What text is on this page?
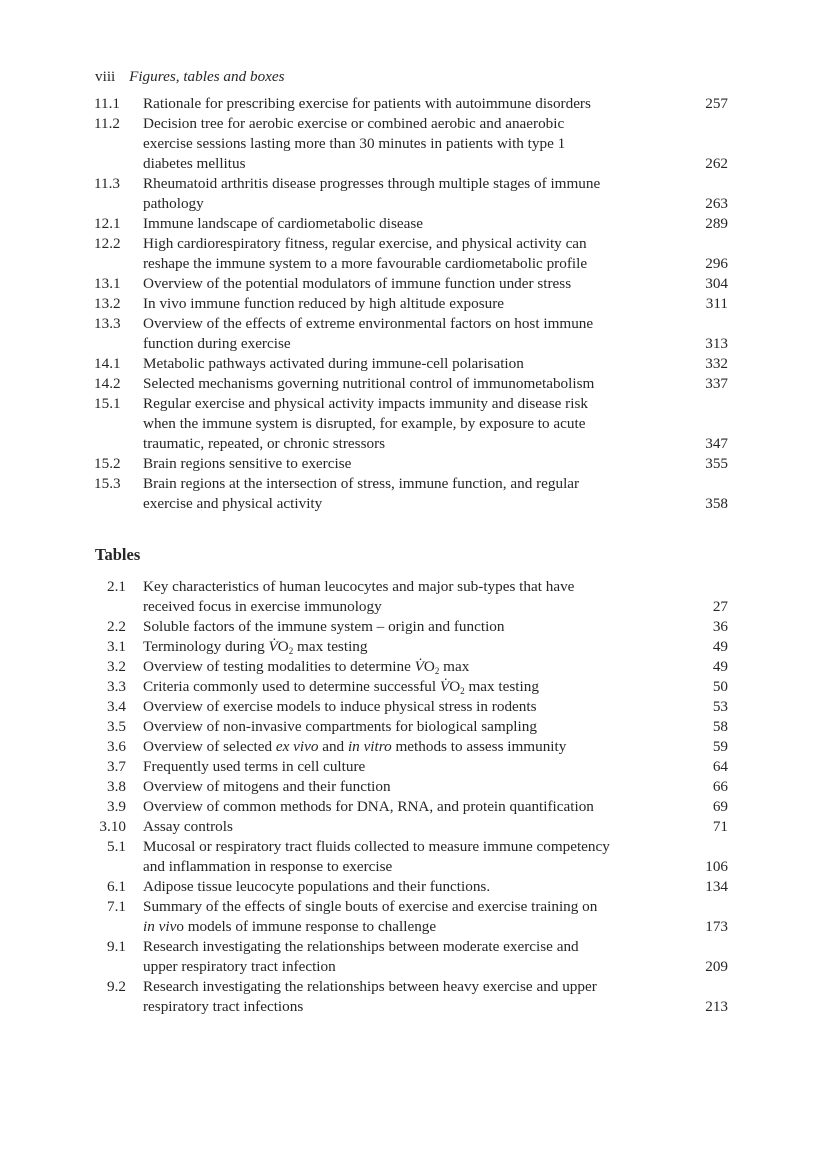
viii Figures, tables and boxes
11.1	Rationale for prescribing exercise for patients with autoimmune disorders	257
11.2	Decision tree for aerobic exercise or combined aerobic and anaerobic
exercise sessions lasting more than 30 minutes in patients with type 1
diabetes mellitus	262
11.3	Rheumatoid arthritis disease progresses through multiple stages of immune
pathology	263
12.1	Immune landscape of cardiometabolic disease	289
12.2	High cardiorespiratory fitness, regular exercise, and physical activity can
reshape the immune system to a more favourable cardiometabolic profile	296
13.1	Overview of the potential modulators of immune function under stress	304
13.2	In vivo immune function reduced by high altitude exposure	311
13.3	Overview of the effects of extreme environmental factors on host immune
function during exercise	313
14.1	Metabolic pathways activated during immune-cell polarisation	332
14.2	Selected mechanisms governing nutritional control of immunometabolism	337
15.1	Regular exercise and physical activity impacts immunity and disease risk
when the immune system is disrupted, for example, by exposure to acute
traumatic, repeated, or chronic stressors	347
15.2	Brain regions sensitive to exercise	355
15.3	Brain regions at the intersection of stress, immune function, and regular
exercise and physical activity	358
Tables
2.1 Key characteristics of human leucocytes and major sub-types that have
received focus in exercise immunology	27
2.2 Soluble factors of the immune system – origin and function	36
3.1 Terminology during $V̇O_2$ max testing	49
3.2 Overview of testing modalities to determine $V̇O_2$ max	49
3.3 Criteria commonly used to determine successful $V̇O_2$ max testing	50
3.4 Overview of exercise models to induce physical stress in rodents	53
3.5 Overview of non-invasive compartments for biological sampling	58
3.6 Overview of selected ex vivo and in vitro methods to assess immunity	59
3.7 Frequently used terms in cell culture	64
3.8 Overview of mitogens and their function	66
3.9 Overview of common methods for DNA, RNA, and protein quantification	69
3.10 Assay controls	71
5.1 Mucosal or respiratory tract fluids collected to measure immune competency
and inflammation in response to exercise	106
6.1 Adipose tissue leucocyte populations and their functions.	134
7.1 Summary of the effects of single bouts of exercise and exercise training on
in vivo models of immune response to challenge	173
9.1 Research investigating the relationships between moderate exercise and
upper respiratory tract infection	209
9.2 Research investigating the relationships between heavy exercise and upper
respiratory tract infections	213
